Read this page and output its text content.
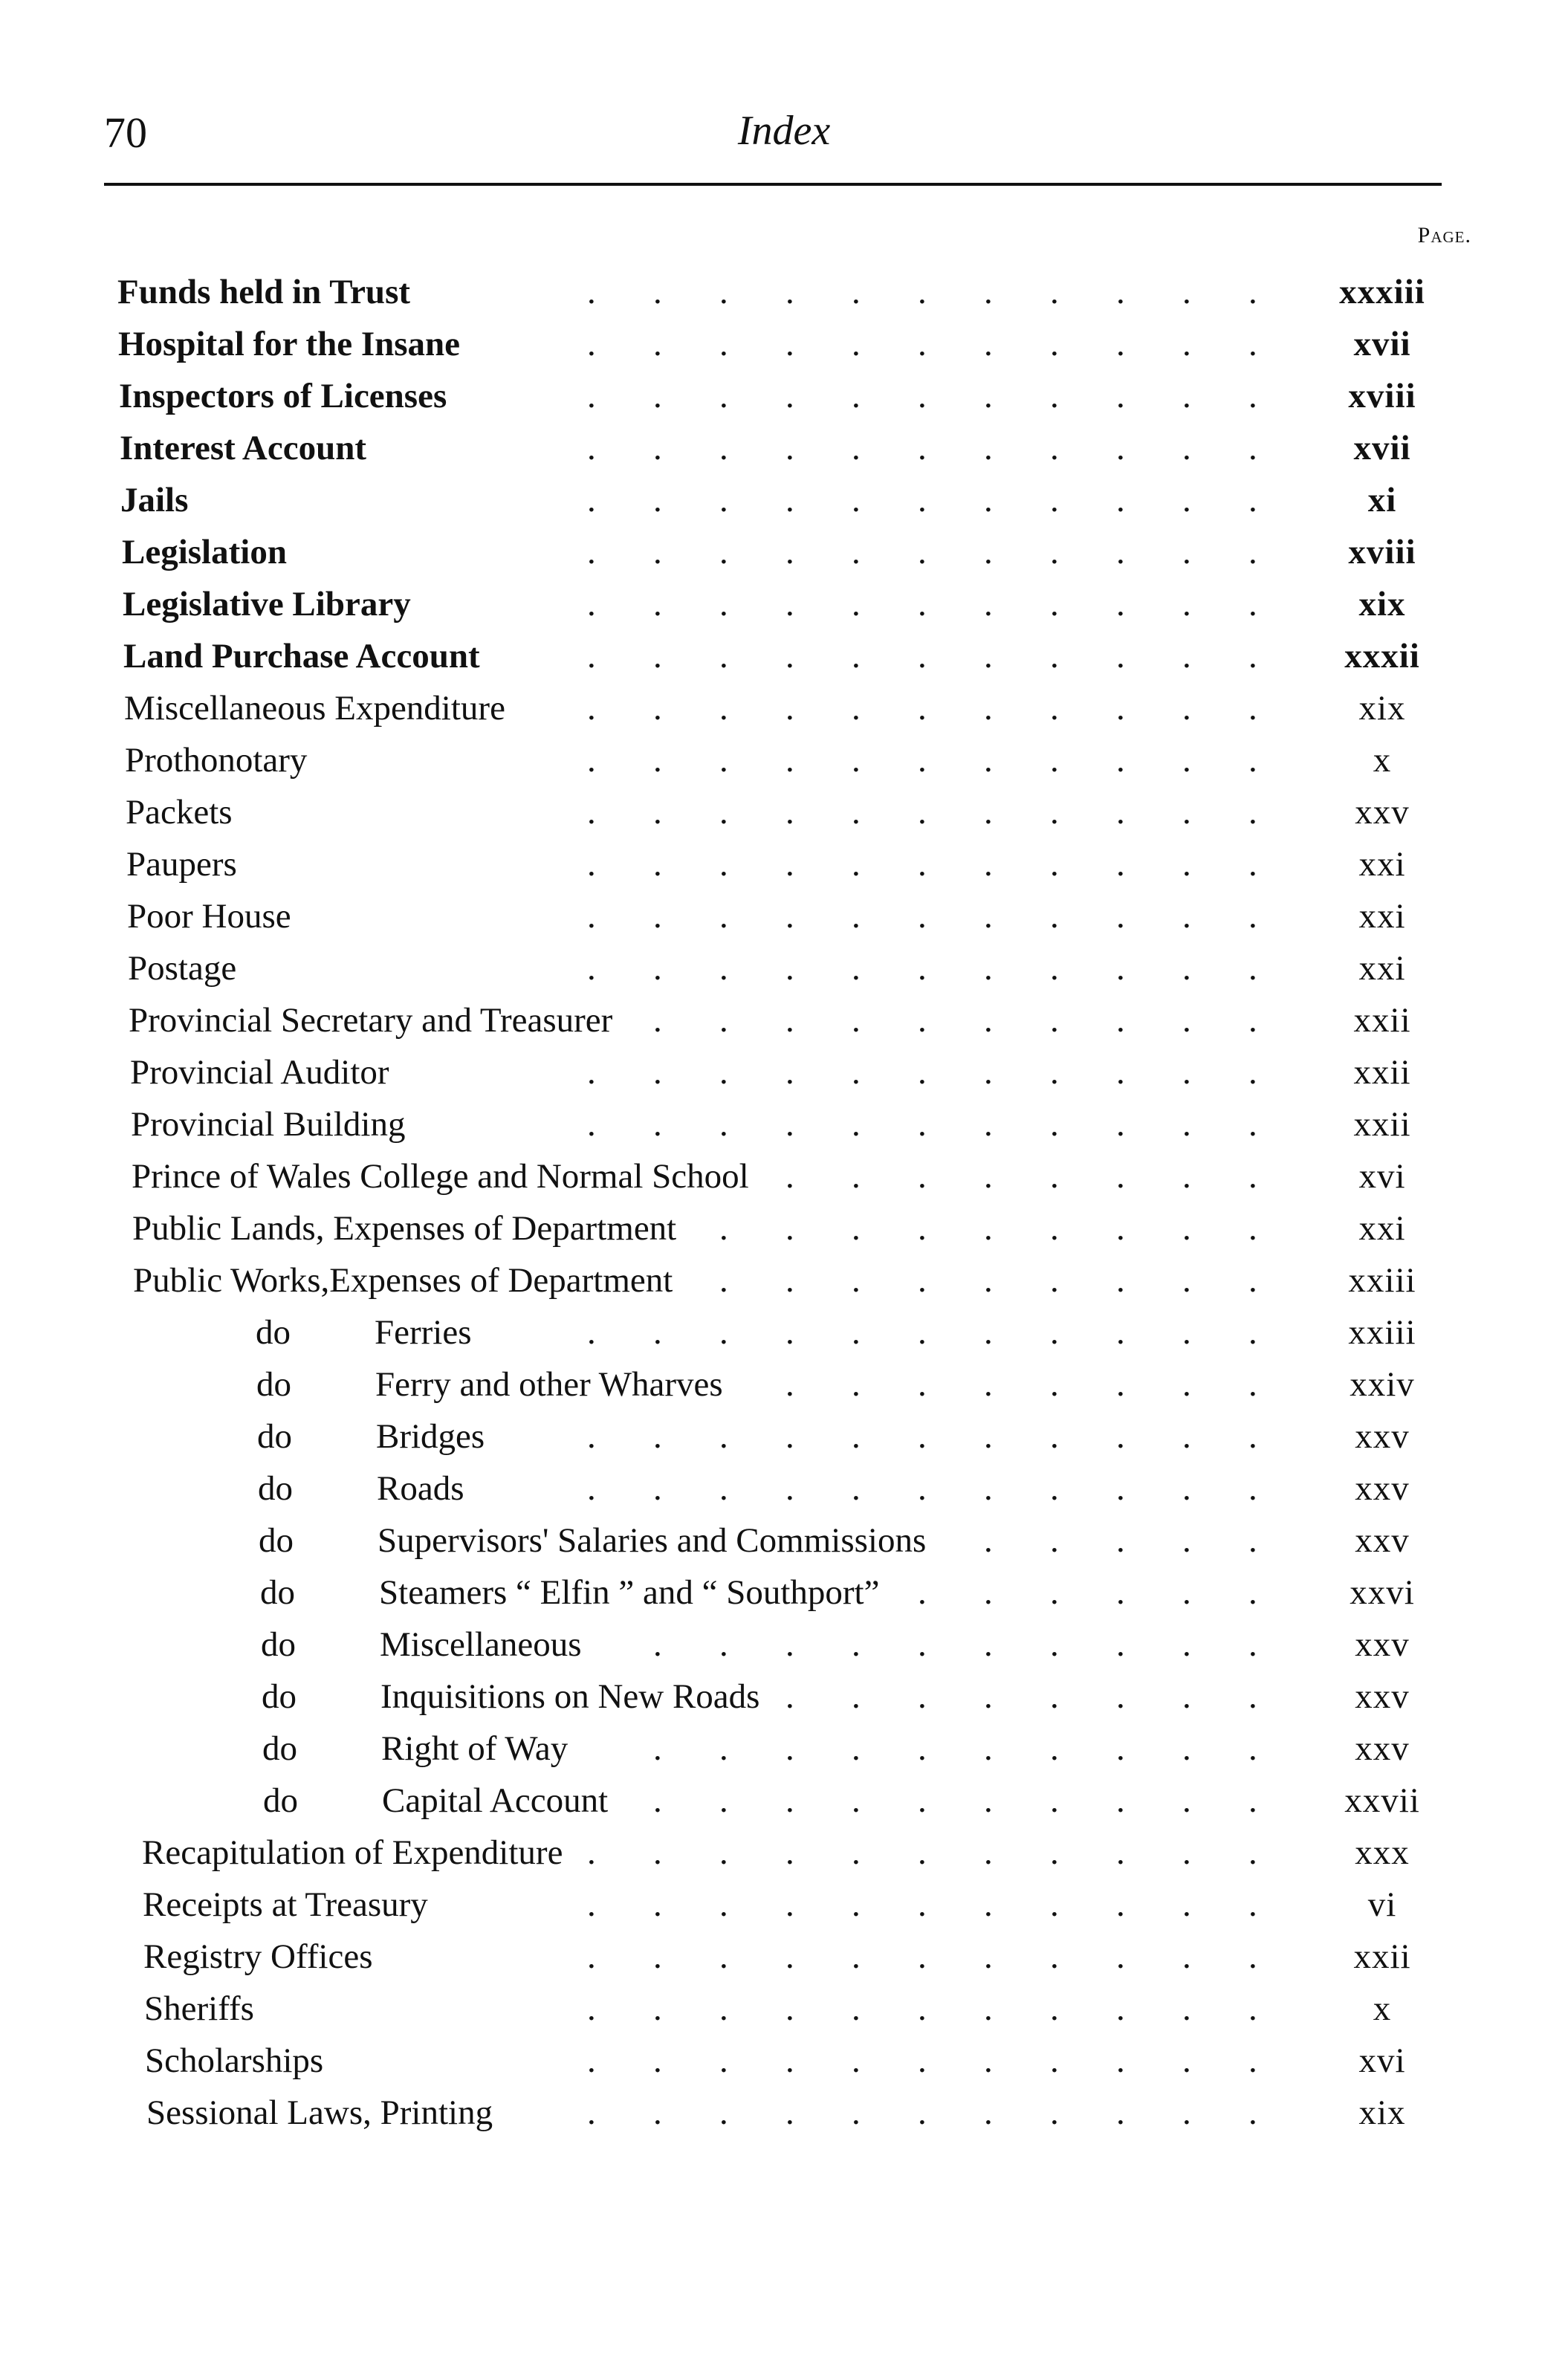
70	Index
Page.
Funds held in Trust	xxxiii
. . . . . . . . . . .
Hospital for the Insane	xvii
. . . . . . . . . . .
Inspectors of Licenses	xviii
. . . . . . . . . . .
Interest Account	xvii
. . . . . . . . . . .
Jails	xi
. . . . . . . . . . .
Legislation	xviii
. . . . . . . . . . .
Legislative Library	xix
. . . . . . . . . . .
Land Purchase Account	xxxii
. . . . . . . . . . .
Miscellaneous Expenditure	xix
. . . . . . . . . . .
Prothonotary	x
. . . . . . . . . . .
Packets	xxv
. . . . . . . . . . .
Paupers	xxi
. . . . . . . . . . .
Poor House	xxi
. . . . . . . . . . .
Postage	xxi
. . . . . . . . . . .
Provincial Secretary and Treasurer	xxii
. . . . . . . . . .
Provincial Auditor	xxii
. . . . . . . . . . .
Provincial Building	xxii
. . . . . . . . . . .
Prince of Wales College and Normal School	xvi
. . . . . . . .
Public Lands, Expenses of Department	xxi
. . . . . . . . .
Public Works,Expenses of Department	xxiii
. . . . . . . . .
do Ferries	xxiii
. . . . . . . . . . .
do Ferry and other Wharves	xxiv
. . . . . . . .
do Bridges	xxv
. . . . . . . . . . .
do Roads	xxv
. . . . . . . . . . .
do Supervisors' Salaries and Commissions	xxv
. . . . .
do Steamers “ Elfin ” and “ Southport”	xxvi
. . . . . .
do Miscellaneous	xxv
. . . . . . . . . .
do Inquisitions on New Roads	xxv
. . . . . . . .
do Right of Way	xxv
. . . . . . . . . .
do Capital Account	xxvii
. . . . . . . . . .
Recapitulation of Expenditure	xxx
. . . . . . . . . . .
Receipts at Treasury	vi
. . . . . . . . . . .
Registry Offices	xxii
. . . . . . . . . . .
Sheriffs	x
. . . . . . . . . . .
Scholarships	xvi
. . . . . . . . . . .
Sessional Laws, Printing	xix
. . . . . . . . . . .
